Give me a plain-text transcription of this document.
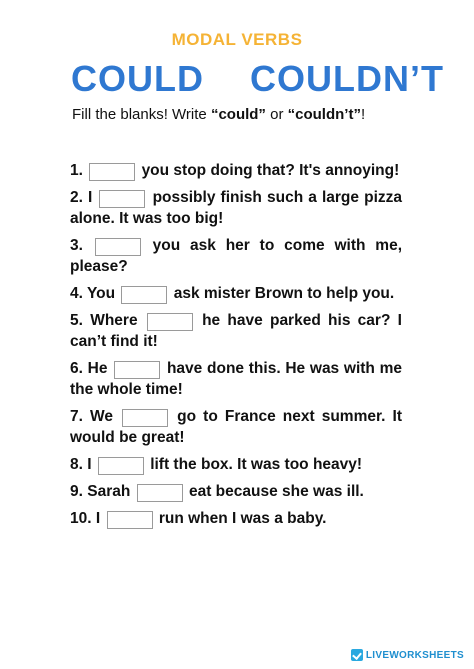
MODAL VERBS
COULD COULDN’T
Fill the blanks! Write “could” or “couldn’t”!
1.	you stop doing that? It's annoying!
2. I	possibly finish such a large pizza alone. It was too big!
3.	you ask her to come with me, please?
4. You	ask mister Brown to help you.
5. Where	he have parked his car? I can’t find it!
6. He	have done this. He was with me the whole time!
7. We	go to France next summer. It would be great!
8. I	lift the box. It was too heavy!
9. Sarah	eat because she was ill.
10. I	run when I was a baby.
LIVEWORKSHEETS
